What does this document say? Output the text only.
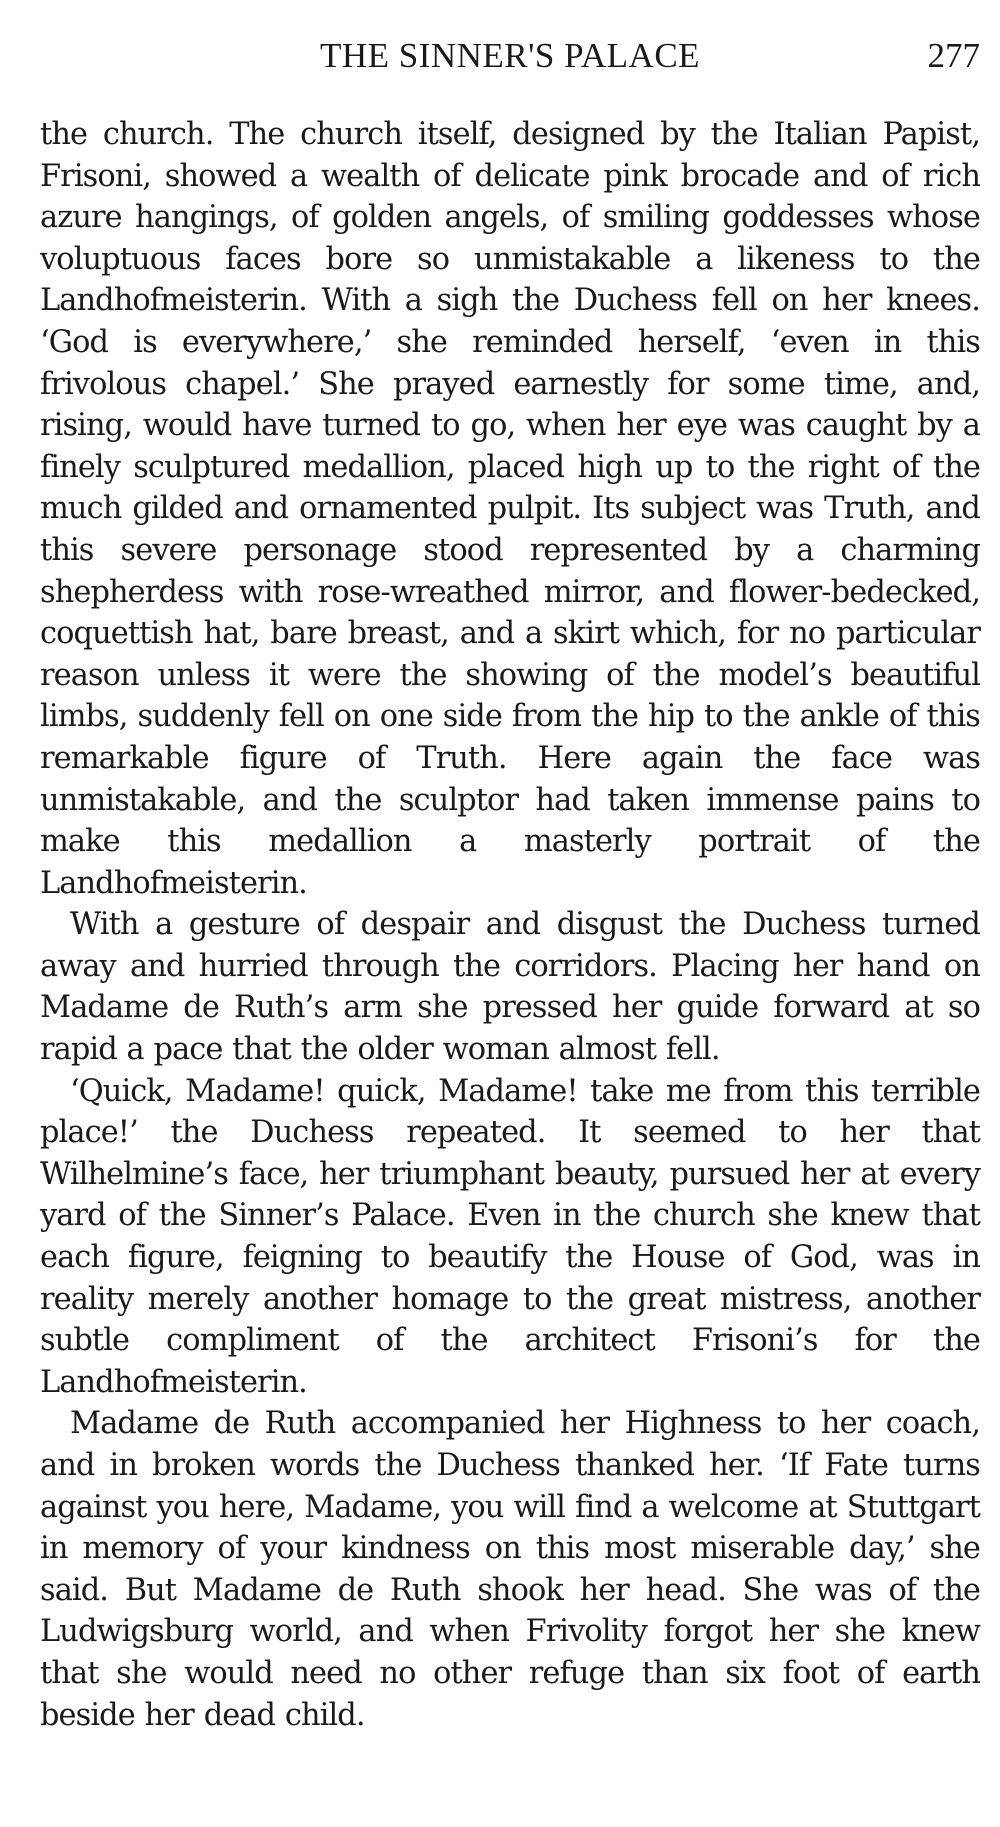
THE SINNER'S PALACE	277

the church. The church itself, designed by the Italian Papist, Frisoni, showed a wealth of delicate pink brocade and of rich azure hangings, of golden angels, of smiling goddesses whose voluptuous faces bore so unmistakable a likeness to the Landhofmeisterin. With a sigh the Duchess fell on her knees. ‘God is everywhere,’ she reminded herself, ‘even in this frivolous chapel.’ She prayed earnestly for some time, and, rising, would have turned to go, when her eye was caught by a finely sculptured medallion, placed high up to the right of the much gilded and ornamented pulpit. Its subject was Truth, and this severe personage stood represented by a charming shepherdess with rose-wreathed mirror, and flower-bedecked, coquettish hat, bare breast, and a skirt which, for no particular reason unless it were the showing of the model’s beautiful limbs, suddenly fell on one side from the hip to the ankle of this remarkable figure of Truth. Here again the face was unmistakable, and the sculptor had taken immense pains to make this medallion a masterly portrait of the Landhofmeisterin.

With a gesture of despair and disgust the Duchess turned away and hurried through the corridors. Placing her hand on Madame de Ruth’s arm she pressed her guide forward at so rapid a pace that the older woman almost fell.

‘Quick, Madame! quick, Madame! take me from this terrible place!’ the Duchess repeated. It seemed to her that Wilhelmine’s face, her triumphant beauty, pursued her at every yard of the Sinner’s Palace. Even in the church she knew that each figure, feigning to beautify the House of God, was in reality merely another homage to the great mistress, another subtle compliment of the architect Frisoni’s for the Landhofmeisterin.

Madame de Ruth accompanied her Highness to her coach, and in broken words the Duchess thanked her. ‘If Fate turns against you here, Madame, you will find a welcome at Stuttgart in memory of your kindness on this most miserable day,’ she said. But Madame de Ruth shook her head. She was of the Ludwigsburg world, and when Frivolity forgot her she knew that she would need no other refuge than six foot of earth beside her dead child.
